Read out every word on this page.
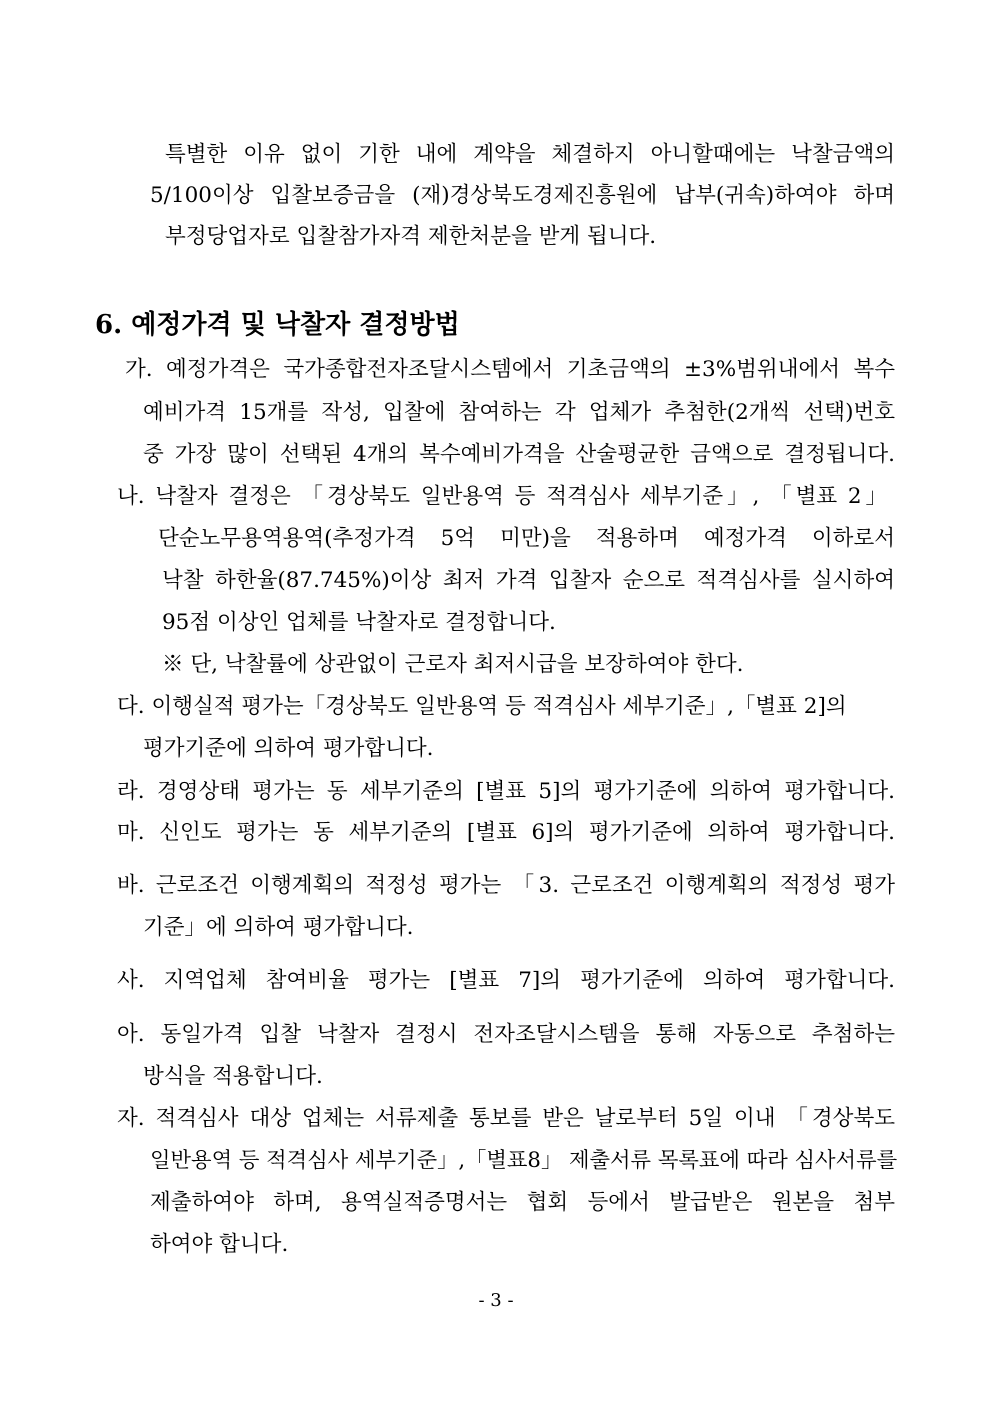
특별한 이유 없이 기한 내에 계약을 체결하지 아니할때에는 낙찰금액의

5/100이상 입찰보증금을 (재)경상북도경제진흥원에 납부(귀속)하여야 하며

부정당업자로 입찰참가자격 제한처분을 받게 됩니다.

6. 예정가격 및 낙찰자 결정방법

가. 예정가격은 국가종합전자조달시스템에서 기초금액의 ±3%범위내에서 복수

예비가격 15개를 작성, 입찰에 참여하는 각 업체가 추첨한(2개씩 선택)번호

중 가장 많이 선택된 4개의 복수예비가격을 산술평균한 금액으로 결정됩니다.

나. 낙찰자 결정은 「경상북도 일반용역 등 적격심사 세부기준」, 「별표 2」

단순노무용역용역(추정가격 5억 미만)을 적용하며 예정가격 이하로서

낙찰 하한율(87.745%)이상 최저 가격 입찰자 순으로 적격심사를 실시하여

95점 이상인 업체를 낙찰자로 결정합니다.

※ 단, 낙찰률에 상관없이 근로자 최저시급을 보장하여야 한다.

다. 이행실적 평가는「경상북도 일반용역 등 적격심사 세부기준」,「별표 2]의

평가기준에 의하여 평가합니다.

라. 경영상태 평가는 동 세부기준의 [별표 5]의 평가기준에 의하여 평가합니다.

마. 신인도 평가는 동 세부기준의 [별표 6]의 평가기준에 의하여 평가합니다.

바. 근로조건 이행계획의 적정성 평가는 「3. 근로조건 이행계획의 적정성 평가

기준」에 의하여 평가합니다.

사. 지역업체 참여비율 평가는 [별표 7]의 평가기준에 의하여 평가합니다.

아. 동일가격 입찰 낙찰자 결정시 전자조달시스템을 통해 자동으로 추첨하는

방식을 적용합니다.

자. 적격심사 대상 업체는 서류제출 통보를 받은 날로부터 5일 이내 「경상북도

일반용역 등 적격심사 세부기준」,「별표8」 제출서류 목록표에 따라 심사서류를

제출하여야 하며, 용역실적증명서는 협회 등에서 발급받은 원본을 첨부

하여야 합니다.

- 3 -
